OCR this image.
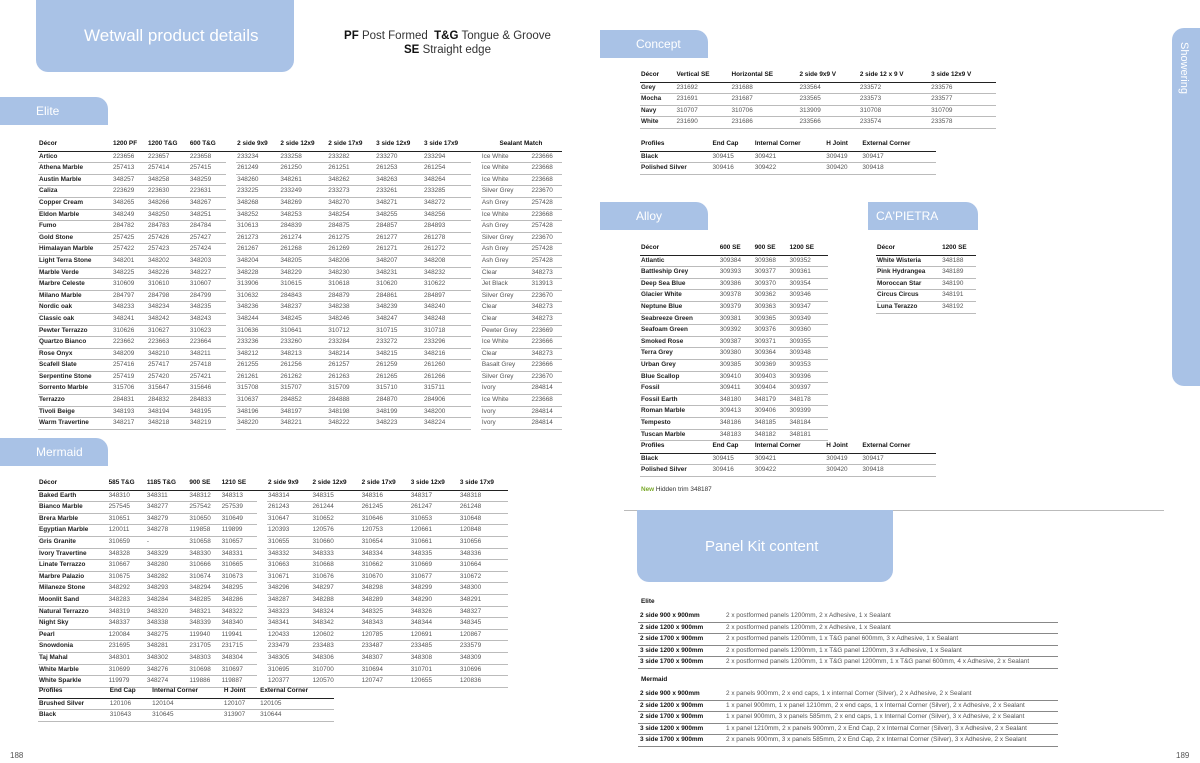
Wetwall product details	PF Post Formed T&G Tongue & Groove
SE Straight edge	Showering
Elite
Mermaid
Concept
Alloy	CA'PIETRA
Décor	1200 PF	1200 T&G	600 T&G		2 side 9x9	2 side 12x9	2 side 17x9	3 side 12x9	3 side 17x9		Sealant Match	
Artico	223656	223657	223658		233234	233258	233282	233270	233294		Ice White	223666
Athena Marble	257413	257414	257415		261249	261250	261251	261253	261254		Ice White	223668
Austin Marble	348257	348258	348259		348260	348261	348262	348263	348264		Ice White	223668
Caliza	223629	223630	223631		233225	233249	233273	233261	233285		Silver Grey	223670
Copper Cream	348265	348266	348267		348268	348269	348270	348271	348272		Ash Grey	257428
Eldon Marble	348249	348250	348251		348252	348253	348254	348255	348256		Ice White	223668
Fumo	284782	284783	284784		310613	284839	284875	284857	284893		Ash Grey	257428
Gold Stone	257425	257426	257427		261273	261274	261275	261277	261278		Silver Grey	223670
Himalayan Marble	257422	257423	257424		261267	261268	261269	261271	261272		Ash Grey	257428
Light Terra Stone	348201	348202	348203		348204	348205	348206	348207	348208		Ash Grey	257428
Marble Verde	348225	348226	348227		348228	348229	348230	348231	348232		Clear	348273
Marbre Celeste	310609	310610	310607		313906	310615	310618	310620	310622		Jet Black	313913
Milano Marble	284797	284798	284799		310632	284843	284879	284861	284897		Silver Grey	223670
Nordic oak	348233	348234	348235		348236	348237	348238	348239	348240		Clear	348273
Classic oak	348241	348242	348243		348244	348245	348246	348247	348248		Clear	348273
Pewter Terrazzo	310626	310627	310623		310636	310641	310712	310715	310718		Pewter Grey	223669
Quartzo Bianco	223662	223663	223664		233236	233260	233284	233272	233296		Ice White	223666
Rose Onyx	348209	348210	348211		348212	348213	348214	348215	348216		Clear	348273
Scafell Slate	257416	257417	257418		261255	261256	261257	261259	261260		Basalt Grey	223666
Serpentine Stone	257419	257420	257421		261261	261262	261263	261265	261266		Silver Grey	223670
Sorrento Marble	315706	315647	315646		315708	315707	315709	315710	315711		Ivory	284814
Terrazzo	284831	284832	284833		310637	284852	284888	284870	284906		Ice White	223668
Tivoli Beige	348193	348194	348195		348196	348197	348198	348199	348200		Ivory	284814
Warm Travertine	348217	348218	348219		348220	348221	348222	348223	348224		Ivory	284814
Décor	585 T&G	1185 T&G	900 SE	1210 SE		2 side 9x9	2 side 12x9	2 side 17x9	3 side 12x9	3 side 17x9
Baked Earth	348310	348311	348312	348313		348314	348315	348316	348317	348318
Bianco Marble	257545	348277	257542	257539		261243	261244	261245	261247	261248
Brera Marble	310651	348279	310650	310649		310647	310652	310646	310653	310648
Egyptian Marble	120011	348278	119858	119899		120393	120576	120753	120661	120848
Gris Granite	310659	-	310658	310657		310655	310660	310654	310661	310656
Ivory Travertine	348328	348329	348330	348331		348332	348333	348334	348335	348336
Linate Terrazzo	310667	348280	310666	310665		310663	310668	310662	310669	310664
Marbre Palazio	310675	348282	310674	310673		310671	310676	310670	310677	310672
Milaneze Stone	348292	348293	348294	348295		348296	348297	348298	348299	348300
Moonlit Sand	348283	348284	348285	348286		348287	348288	348289	348290	348291
Natural Terrazzo	348319	348320	348321	348322		348323	348324	348325	348326	348327
Night Sky	348337	348338	348339	348340		348341	348342	348343	348344	348345
Pearl	120084	348275	119940	119941		120433	120602	120785	120691	120867
Snowdonia	231695	348281	231705	231715		233479	233483	233487	233485	233579
Taj Mahal	348301	348302	348303	348304		348305	348306	348307	348308	348309
White Marble	310699	348276	310698	310697		310695	310700	310694	310701	310696
White Sparkle	119979	348274	119886	119887		120377	120570	120747	120655	120836
Profiles	End Cap	Internal Corner	H Joint	External Corner
Brushed Silver	120106	120104	120107	120105
Black	310643	310645	313907	310644
Décor	Vertical SE	Horizontal SE	2 side 9x9 V	2 side 12 x 9 V	3 side 12x9 V
Grey	231692	231688	233564	233572	233576
Mocha	231691	231687	233565	233573	233577
Navy	310707	310706	313909	310708	310709
White	231690	231686	233566	233574	233578
Profiles	End Cap	Internal Corner	H Joint	External Corner
Black	309415	309421	309419	309417
Polished Silver	309416	309422	309420	309418
Décor	600 SE	900 SE	1200 SE
Atlantic	309384	309368	309352
Battleship Grey	309393	309377	309361
Deep Sea Blue	309386	309370	309354
Glacier White	309378	309362	309346
Neptune Blue	309379	309363	309347
Seabreeze Green	309381	309365	309349
Seafoam Green	309392	309376	309360
Smoked Rose	309387	309371	309355
Terra Grey	309380	309364	309348
Urban Grey	309385	309369	309353
Blue Scallop	309410	309403	309396
Fossil	309411	309404	309397
Fossil Earth	348180	348179	348178
Roman Marble	309413	309406	309399
Tempesto	348186	348185	348184
Tuscan Marble	348183	348182	348181
Profiles	End Cap	Internal Corner	H Joint	External Corner
Black	309415	309421	309419	309417
Polished Silver	309416	309422	309420	309418
New Hidden trim 348187
Décor	1200 SE
White Wisteria	348188
Pink Hydrangea	348189
Moroccan Star	348190
Circus Circus	348191
Luna Terazzo	348192
Panel Kit content
Elite
2 side 900 x 900mm	2 x postformed panels 1200mm, 2 x Adhesive, 1 x Sealant
2 side 1200 x 900mm	2 x postformed panels 1200mm, 2 x Adhesive, 1 x Sealant
2 side 1700 x 900mm	2 x postformed panels 1200mm, 1 x T&G panel 600mm, 3 x Adhesive, 1 x Sealant
3 side 1200 x 900mm	2 x postformed panels 1200mm, 1 x T&G panel 1200mm, 3 x Adhesive, 1 x Sealant
3 side 1700 x 900mm	2 x postformed panels 1200mm, 1 x T&G panel 1200mm, 1 x T&G panel 600mm, 4 x Adhesive, 2 x Sealant
Mermaid
2 side 900 x 900mm	2 x panels 900mm, 2 x end caps, 1 x internal Corner (Silver), 2 x Adhesive, 2 x Sealant
2 side 1200 x 900mm	1 x panel 900mm, 1 x panel 1210mm, 2 x end caps, 1 x Internal Corner (Silver), 2 x Adhesive, 2 x Sealant
2 side 1700 x 900mm	1 x panel 900mm, 3 x panels 585mm, 2 x end caps, 1 x Internal Corner (Silver), 3 x Adhesive, 2 x Sealant
3 side 1200 x 900mm	1 x panel 1210mm, 2 x panels 900mm, 2 x End Cap, 2 x Internal Corner (Silver), 3 x Adhesive, 2 x Sealant
3 side 1700 x 900mm	2 x panels 900mm, 3 x panels 585mm, 2 x End Cap, 2 x Internal Corner (Silver), 3 x Adhesive, 2 x Sealant
188	189
